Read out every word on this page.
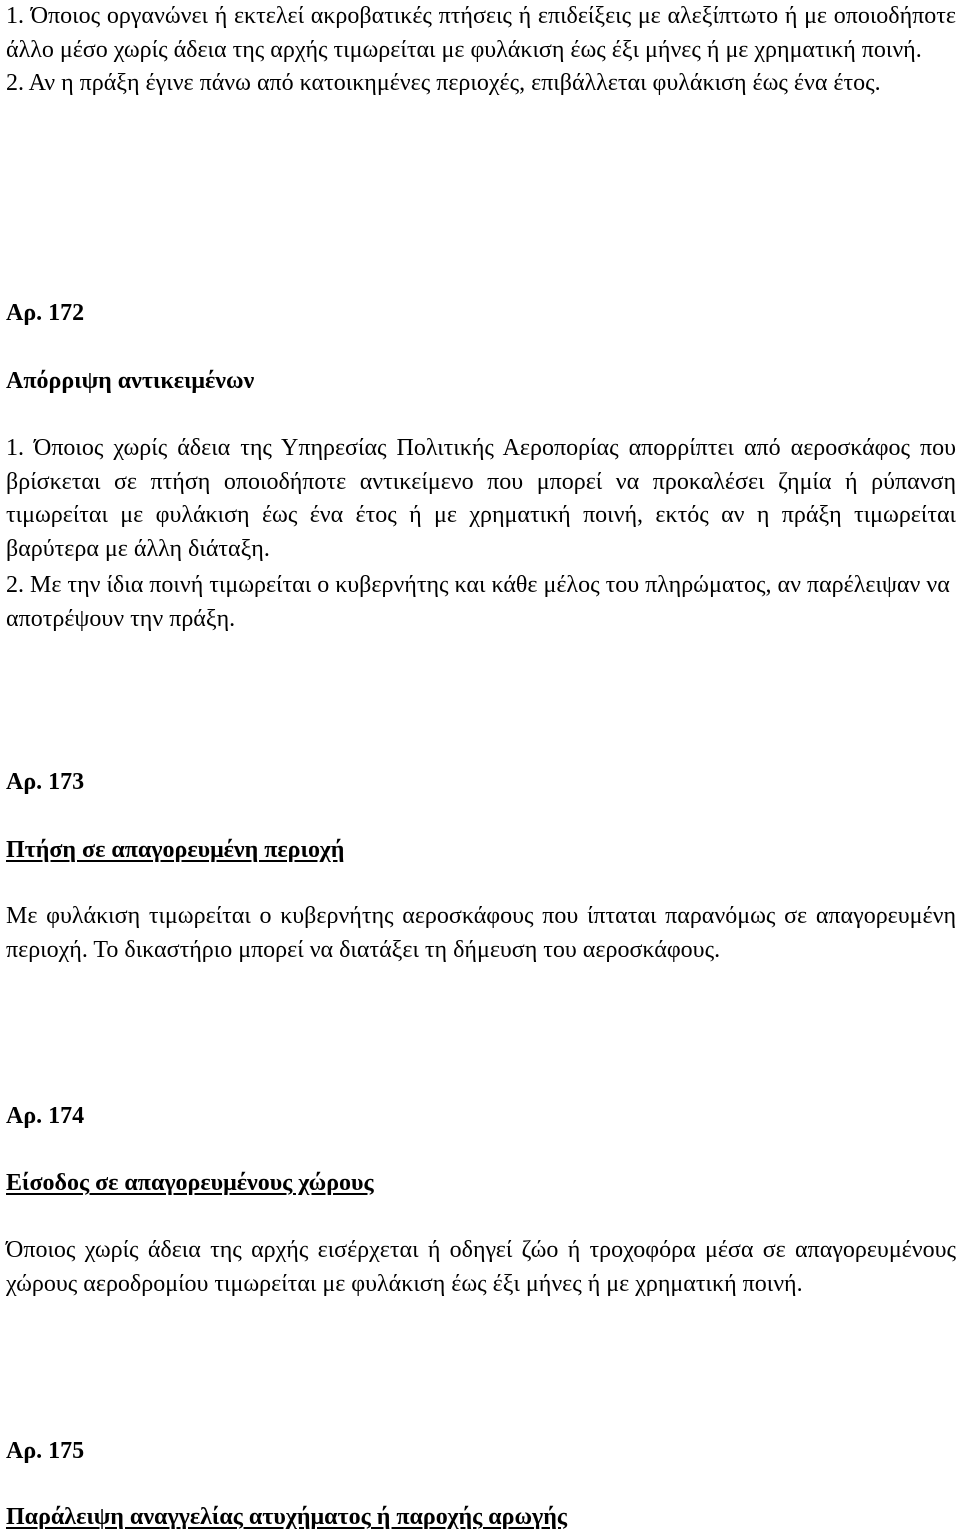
1. Όποιος οργανώνει ή εκτελεί ακροβατικές πτήσεις ή επιδείξεις με αλεξίπτωτο ή με οποιοδήποτε άλλο μέσο χωρίς άδεια της αρχής τιμωρείται με φυλάκιση έως έξι μήνες ή με χρηματική ποινή.

2. Αν η πράξη έγινε πάνω από κατοικημένες περιοχές, επιβάλλεται φυλάκιση έως ένα έτος.

Αρ. 172

Απόρριψη αντικειμένων

1. Όποιος χωρίς άδεια της Υπηρεσίας Πολιτικής Αεροπορίας απορρίπτει από αεροσκάφος που βρίσκεται σε πτήση οποιοδήποτε αντικείμενο που μπορεί να προκαλέσει ζημία ή ρύπανση τιμωρείται με φυλάκιση έως ένα έτος ή με χρηματική ποινή, εκτός αν η πράξη τιμωρείται βαρύτερα με άλλη διάταξη.

2. Με την ίδια ποινή τιμωρείται ο κυβερνήτης και κάθε μέλος του πληρώματος, αν παρέλειψαν να αποτρέψουν την πράξη.

Αρ. 173

Πτήση σε απαγορευμένη περιοχή

Με φυλάκιση τιμωρείται ο κυβερνήτης αεροσκάφους που ίπταται παρανόμως σε απαγορευμένη περιοχή. Το δικαστήριο μπορεί να διατάξει τη δήμευση του αεροσκάφους.

Αρ. 174

Είσοδος σε απαγορευμένους χώρους

Όποιος χωρίς άδεια της αρχής εισέρχεται ή οδηγεί ζώο ή τροχοφόρα μέσα σε απαγορευμένους χώρους αεροδρομίου τιμωρείται με φυλάκιση έως έξι μήνες ή με χρηματική ποινή.

Αρ. 175

Παράλειψη αναγγελίας ατυχήματος ή παροχής αρωγής
